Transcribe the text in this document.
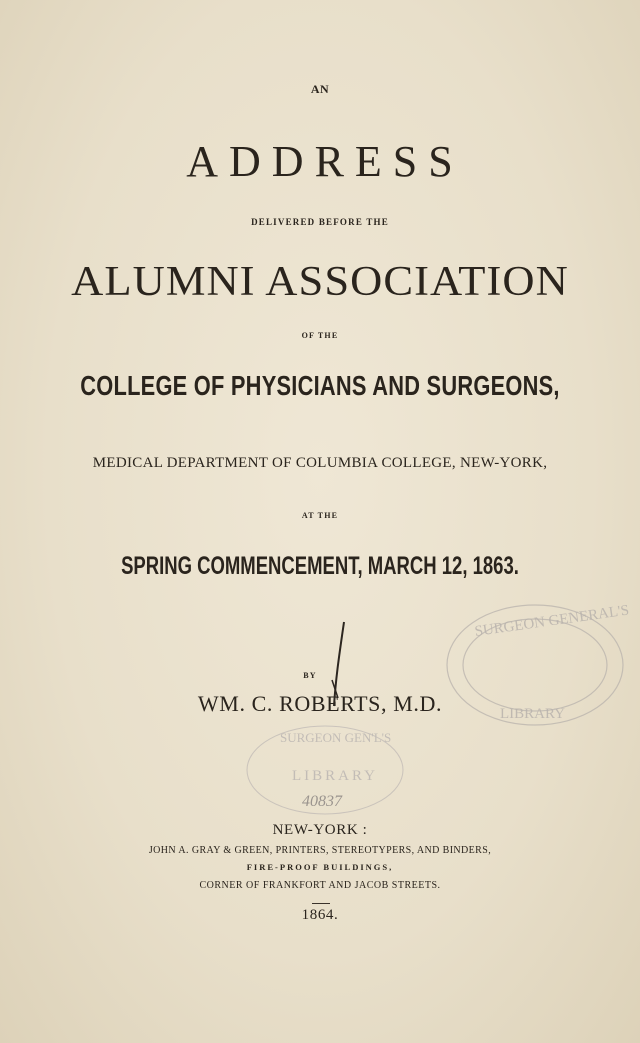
AN
ADDRESS
DELIVERED BEFORE THE
ALUMNI ASSOCIATION
OF THE
COLLEGE OF PHYSICIANS AND SURGEONS,
MEDICAL DEPARTMENT OF COLUMBIA COLLEGE, NEW-YORK,
AT THE
SPRING COMMENCEMENT, MARCH 12, 1863.
BY
WM. C. ROBERTS, M.D.
NEW-YORK :
JOHN A. GRAY & GREEN, PRINTERS, STEREOTYPERS, AND BINDERS,
FIRE-PROOF BUILDINGS,
CORNER OF FRANKFORT AND JACOB STREETS.
1864.
SURGEON GENERAL'S
LIBRARY
SURGEON GEN'L'S
LIBRARY
40837
